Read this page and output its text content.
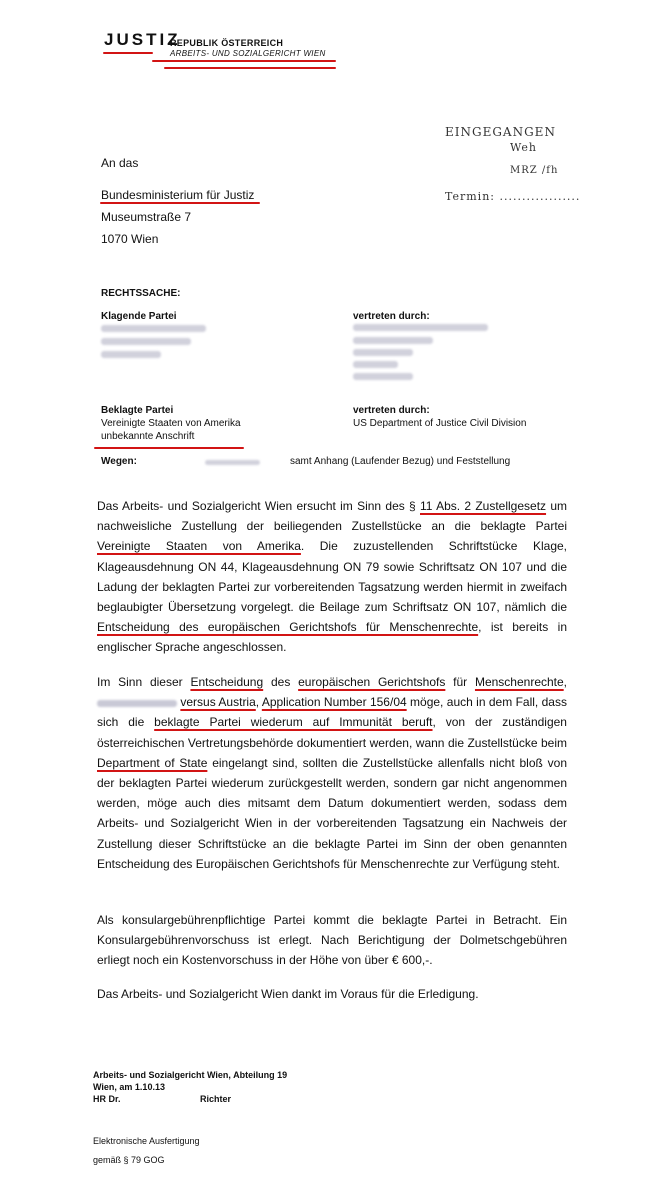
JUSTIZ
REPUBLIK ÖSTERREICH
ARBEITS- UND SOZIALGERICHT WIEN
EINGEGANGEN
Weh
MRZ /fh
Termin: ..................
An das
Bundesministerium für Justiz
Museumstraße 7
1070 Wien
RECHTSSACHE:
Klagende Partei	vertreten durch:
Beklagte Partei
Vereinigte Staaten von Amerika
unbekannte Anschrift
vertreten durch:
US Department of Justice Civil Division
Wegen:	samt Anhang (Laufender Bezug) und Feststellung
Das Arbeits- und Sozialgericht Wien ersucht im Sinn des § 11 Abs. 2 Zustellgesetz um nachweisliche Zustellung der beiliegenden Zustellstücke an die beklagte Partei Vereinigte Staaten von Amerika. Die zuzustellenden Schriftstücke Klage, Klageausdehnung ON 44, Klageausdehnung ON 79 sowie Schriftsatz ON 107 und die Ladung der beklagten Partei zur vorbereitenden Tagsatzung werden hiermit in zweifach beglaubigter Übersetzung vorgelegt. die Beilage zum Schriftsatz ON 107, nämlich die Entscheidung des europäischen Gerichtshofs für Menschenrechte, ist bereits in englischer Sprache angeschlossen.
Im Sinn dieser Entscheidung des europäischen Gerichtshofs für Menschenrechte,  versus Austria, Application Number 156/04 möge, auch in dem Fall, dass sich die beklagte Partei wiederum auf Immunität beruft, von der zuständigen österreichischen Vertretungsbehörde dokumentiert werden, wann die Zustellstücke beim Department of State eingelangt sind, sollten die Zustellstücke allenfalls nicht bloß von der beklagten Partei wiederum zurückgestellt werden, sondern gar nicht angenommen werden, möge auch dies mitsamt dem Datum dokumentiert werden, sodass dem Arbeits- und Sozialgericht Wien in der vorbereitenden Tagsatzung ein Nachweis der Zustellung dieser Schriftstücke an die beklagte Partei im Sinn der oben genannten Entscheidung des Europäischen Gerichtshofs für Menschenrechte zur Verfügung steht.
Als konsulargebührenpflichtige Partei kommt die beklagte Partei in Betracht. Ein Konsulargebührenvorschuss ist erlegt. Nach Berichtigung der Dolmetschgebühren erliegt noch ein Kostenvorschuss in der Höhe von über € 600,-.
Das Arbeits- und Sozialgericht Wien dankt im Voraus für die Erledigung.
Arbeits- und Sozialgericht Wien, Abteilung 19
Wien, am 1.10.13
HR Dr.	Richter
Elektronische Ausfertigung
gemäß § 79 GOG
